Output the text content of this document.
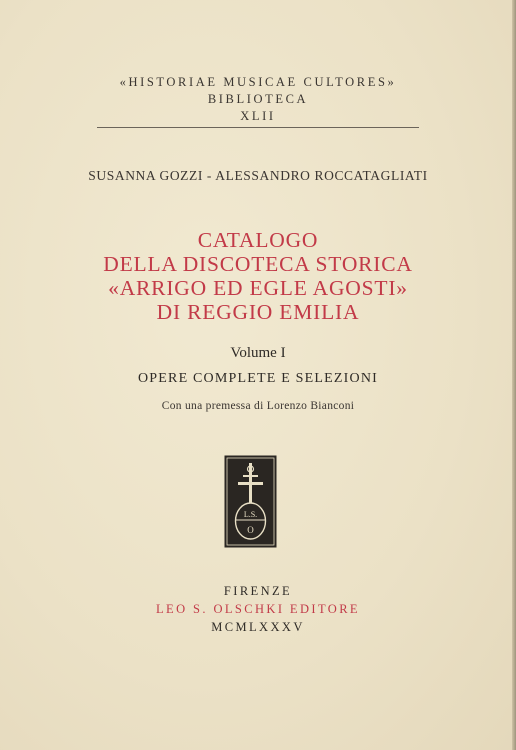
«HISTORIAE MUSICAE CULTORES»
BIBLIOTECA
XLII
SUSANNA GOZZI - ALESSANDRO ROCCATAGLIATI
CATALOGO
DELLA DISCOTECA STORICA
«ARRIGO ED EGLE AGOSTI»
DI REGGIO EMILIA
Volume I
OPERE COMPLETE E SELEZIONI
Con una premessa di Lorenzo Bianconi
L.S.
O
FIRENZE
LEO S. OLSCHKI EDITORE
MCMLXXXV
